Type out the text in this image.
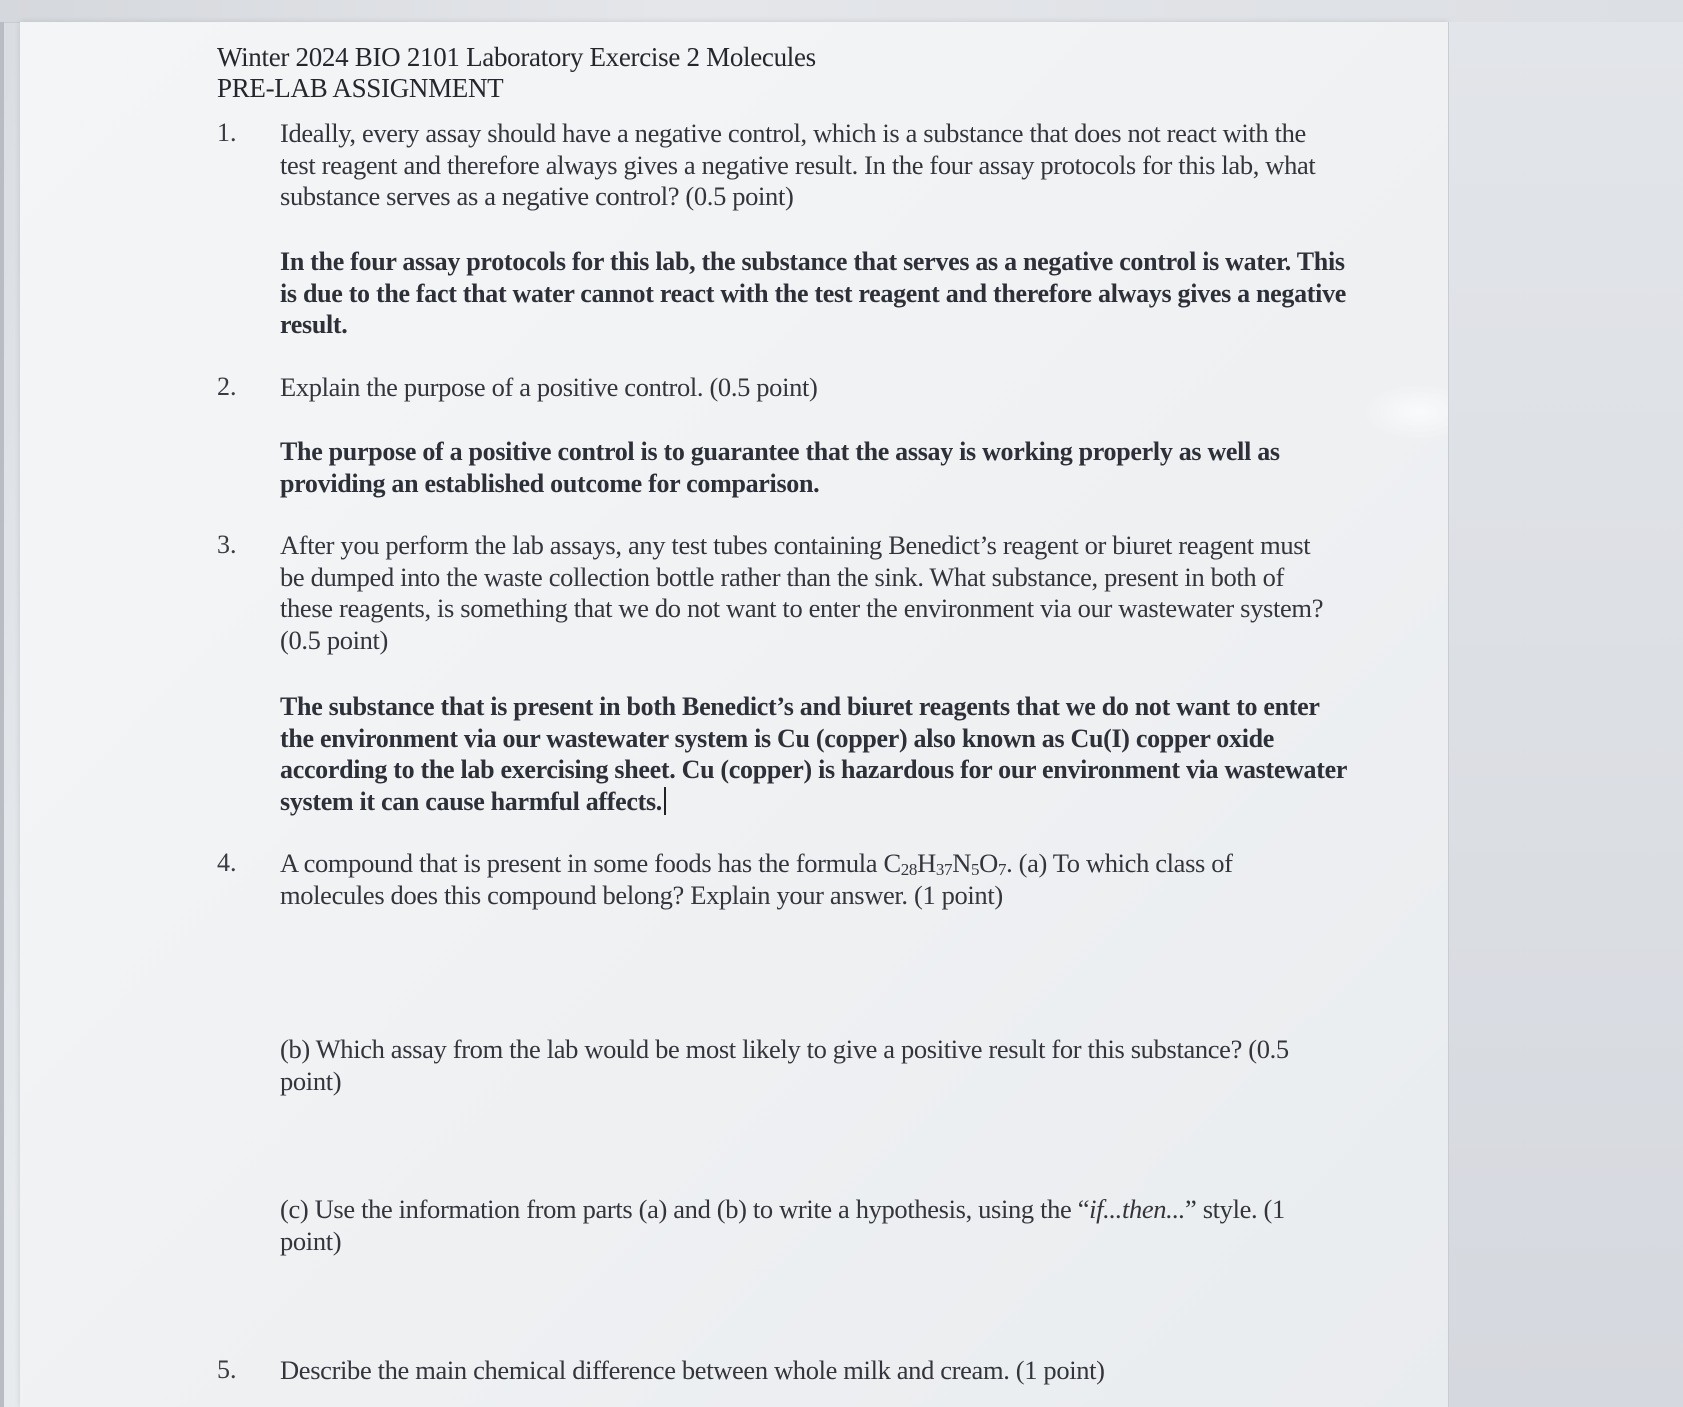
Winter 2024 BIO 2101 Laboratory Exercise 2 Molecules
PRE-LAB ASSIGNMENT
1. Ideally, every assay should have a negative control, which is a substance that does not react with the test reagent and therefore always gives a negative result. In the four assay protocols for this lab, what substance serves as a negative control? (0.5 point)
In the four assay protocols for this lab, the substance that serves as a negative control is water. This is due to the fact that water cannot react with the test reagent and therefore always gives a negative result.
2. Explain the purpose of a positive control. (0.5 point)
The purpose of a positive control is to guarantee that the assay is working properly as well as providing an established outcome for comparison.
3. After you perform the lab assays, any test tubes containing Benedict’s reagent or biuret reagent must be dumped into the waste collection bottle rather than the sink. What substance, present in both of these reagents, is something that we do not want to enter the environment via our wastewater system? (0.5 point)
The substance that is present in both Benedict’s and biuret reagents that we do not want to enter the environment via our wastewater system is Cu (copper) also known as Cu(I) copper oxide according to the lab exercising sheet. Cu (copper) is hazardous for our environment via wastewater system it can cause harmful affects.
4. A compound that is present in some foods has the formula $C_{28}H_{37}N_5O_7$. (a) To which class of molecules does this compound belong? Explain your answer. (1 point)
(b) Which assay from the lab would be most likely to give a positive result for this substance? (0.5 point)
(c) Use the information from parts (a) and (b) to write a hypothesis, using the “if...then...” style. (1 point)
5. Describe the main chemical difference between whole milk and cream. (1 point)
